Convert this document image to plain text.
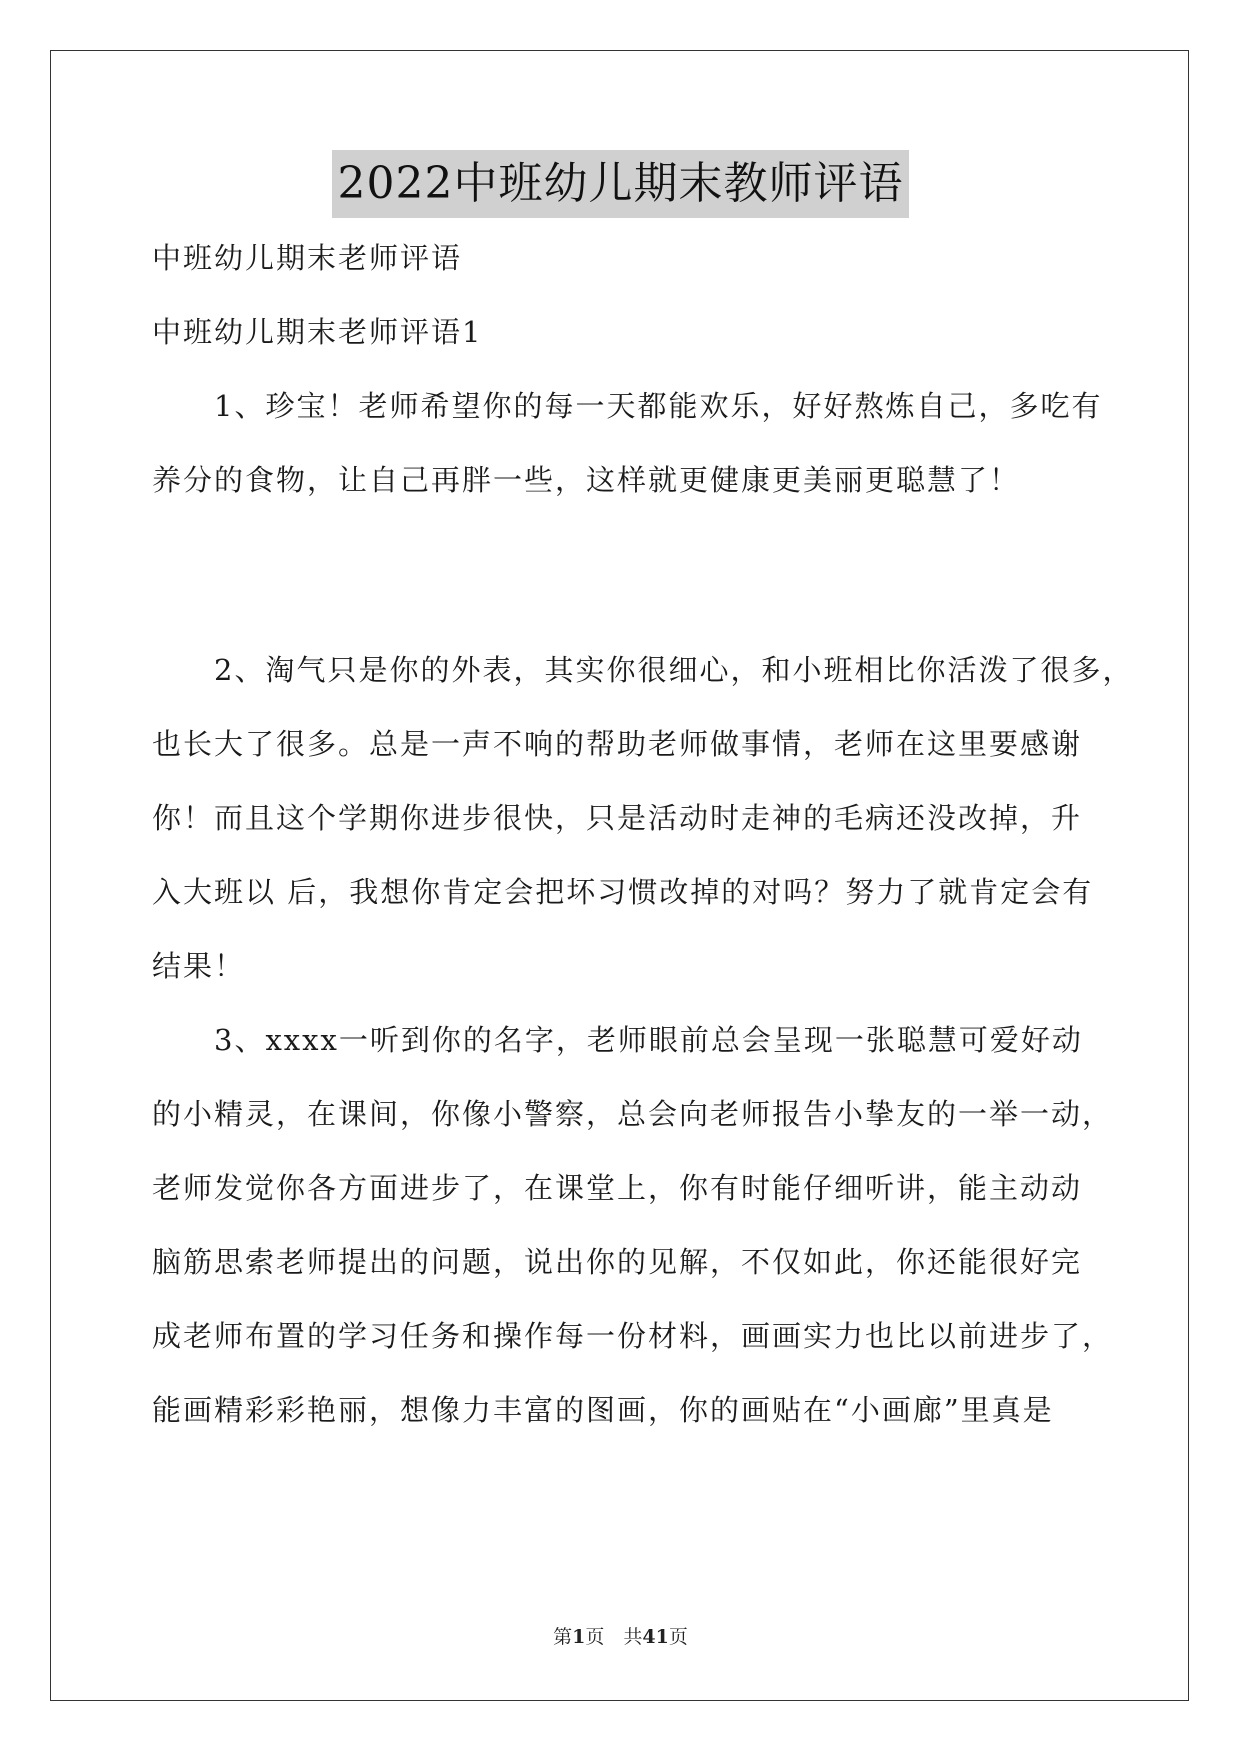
2022中班幼儿期末教师评语
中班幼儿期末老师评语
中班幼儿期末老师评语1
　　1、珍宝！老师希望你的每一天都能欢乐，好好熬炼自己，多吃有
养分的食物，让自己再胖一些，这样就更健康更美丽更聪慧了！
　　2、淘气只是你的外表，其实你很细心，和小班相比你活泼了很多，
也长大了很多。总是一声不响的帮助老师做事情，老师在这里要感谢
你！而且这个学期你进步很快，只是活动时走神的毛病还没改掉，升
入大班以 后，我想你肯定会把坏习惯改掉的对吗？努力了就肯定会有
结果！
　　3、xxxx一听到你的名字，老师眼前总会呈现一张聪慧可爱好动
的小精灵，在课间，你像小警察，总会向老师报告小挚友的一举一动，
老师发觉你各方面进步了，在课堂上，你有时能仔细听讲，能主动动
脑筋思索老师提出的问题，说出你的见解，不仅如此，你还能很好完
成老师布置的学习任务和操作每一份材料，画画实力也比以前进步了，
能画精彩彩艳丽，想像力丰富的图画，你的画贴在“小画廊”里真是
第1页　共41页
